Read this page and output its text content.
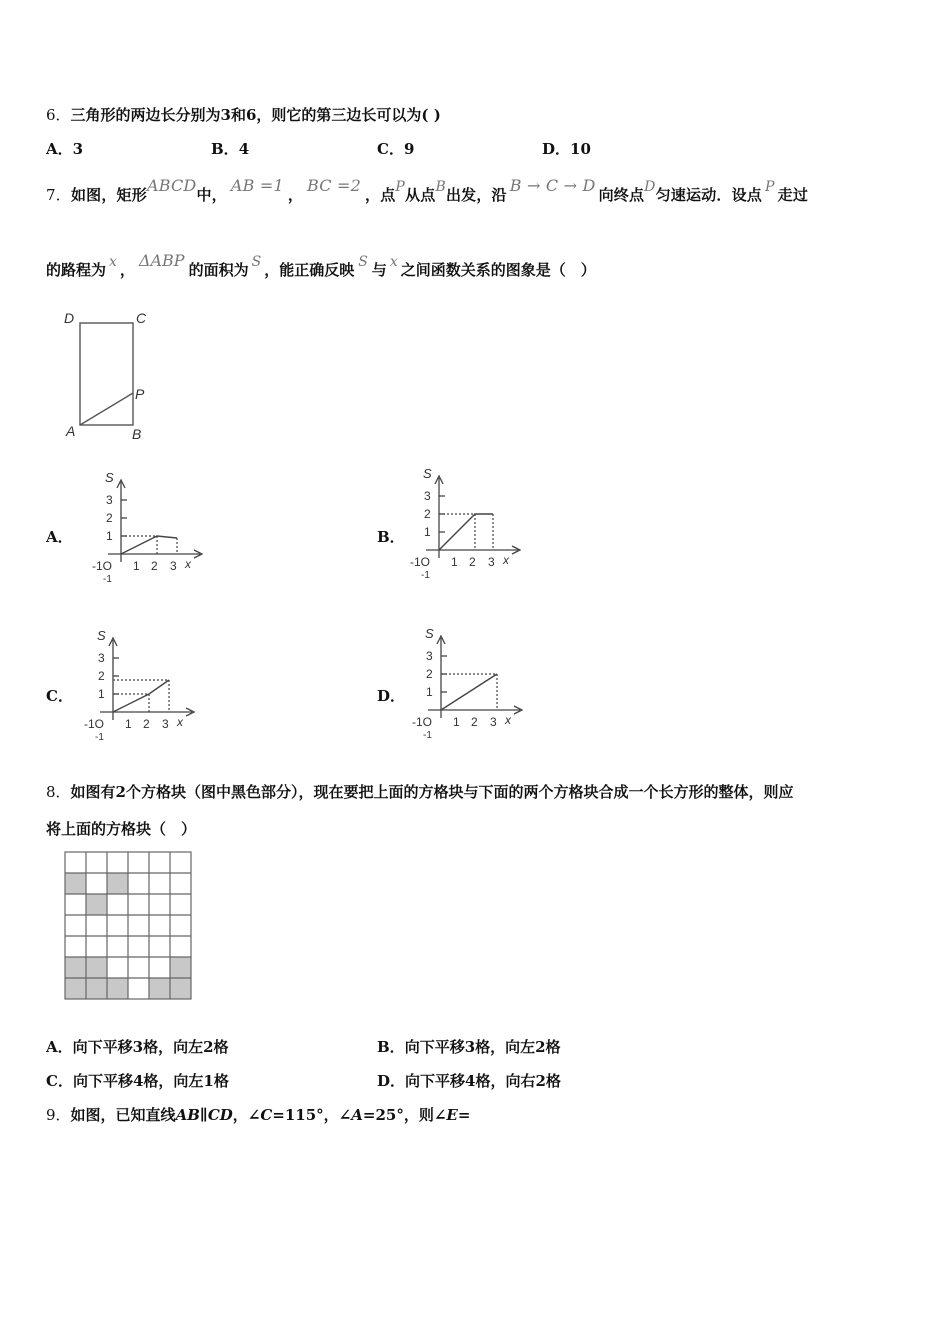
6．三角形的两边长分别为3和6，则它的第三边长可以为( )
A．3	B．4	C．9	D．10
7．如图，矩形ABCD中， AB =1 ， BC =2 ，点P从点B出发，沿 B → C → D 向终点D匀速运动．设点 P 走过
的路程为 x ， ΔABP 的面积为 S ，能正确反映 S 与 x 之间函数关系的图象是（　）
D	C
P
A	B
A．	B．
C．	D．
S
1
2
3
-1O
-1
1 2 3 x
S
1
2
3
-1O
-1
1 2 3 x
S
1
2
3
-1O
-1
1 2 3 x
S
1
2
3
-1O
-1
1 2 3 x
8．如图有2个方格块（图中黑色部分），现在要把上面的方格块与下面的两个方格块合成一个长方形的整体，则应
将上面的方格块（　）
A．向下平移3格，向左2格	B．向下平移3格，向左2格
C．向下平移4格，向左1格	D．向下平移4格，向右2格
9．如图，已知直线AB∥CD，∠C=115°，∠A=25°，则∠E=
